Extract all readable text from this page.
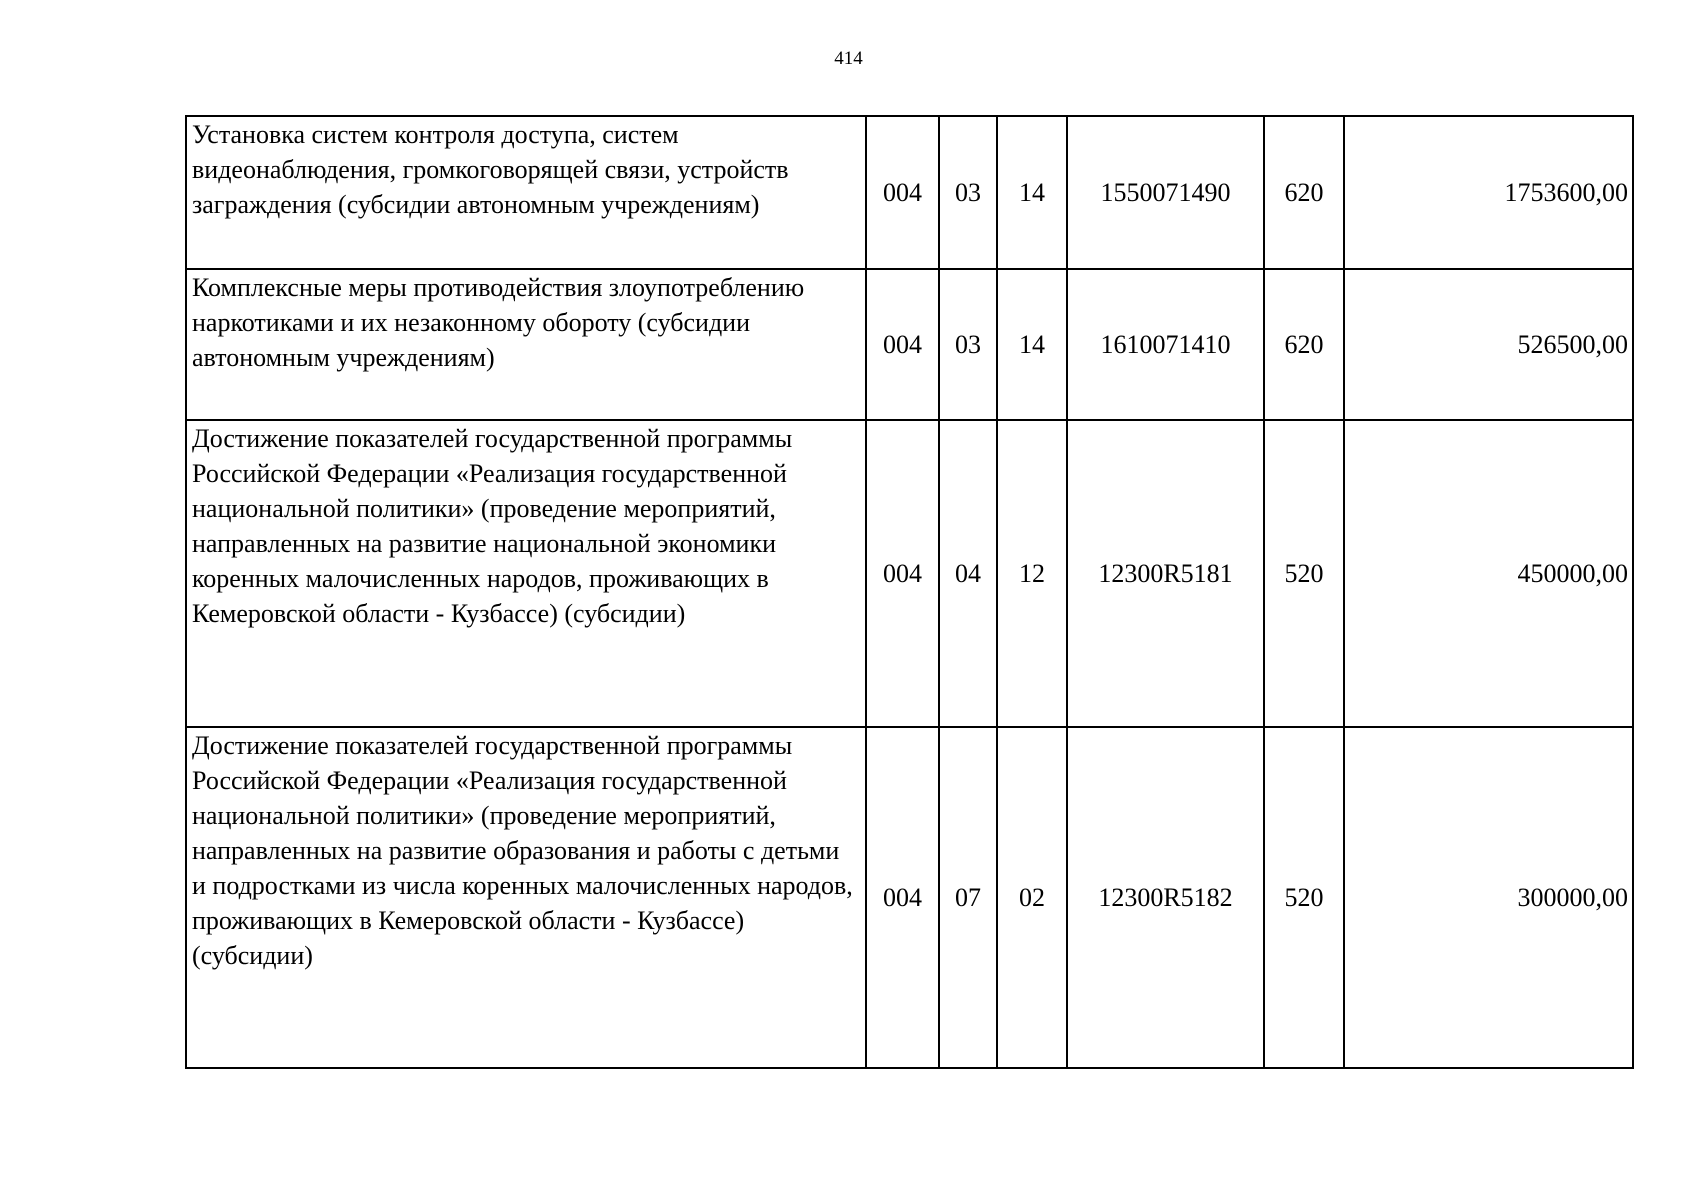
414
Установка систем контроля доступа, систем видеонаблюдения, громкоговорящей связи, устройств заграждения (субсидии автономным учреждениям)	004	03	14	1550071490	620	1753600,00
Комплексные меры противодействия злоупотреблению наркотиками и их незаконному обороту (субсидии автономным учреждениям)	004	03	14	1610071410	620	526500,00
Достижение показателей государственной программы Российской Федерации «Реализация государственной национальной политики» (проведение мероприятий, направленных на развитие национальной экономики коренных малочисленных народов, проживающих в Кемеровской области - Кузбассе) (субсидии)	004	04	12	12300R5181	520	450000,00
Достижение показателей государственной программы Российской Федерации «Реализация государственной национальной политики» (проведение мероприятий, направленных на развитие образования и работы с детьми и подростками из числа коренных малочисленных народов, проживающих в Кемеровской области - Кузбассе) (субсидии)	004	07	02	12300R5182	520	300000,00
